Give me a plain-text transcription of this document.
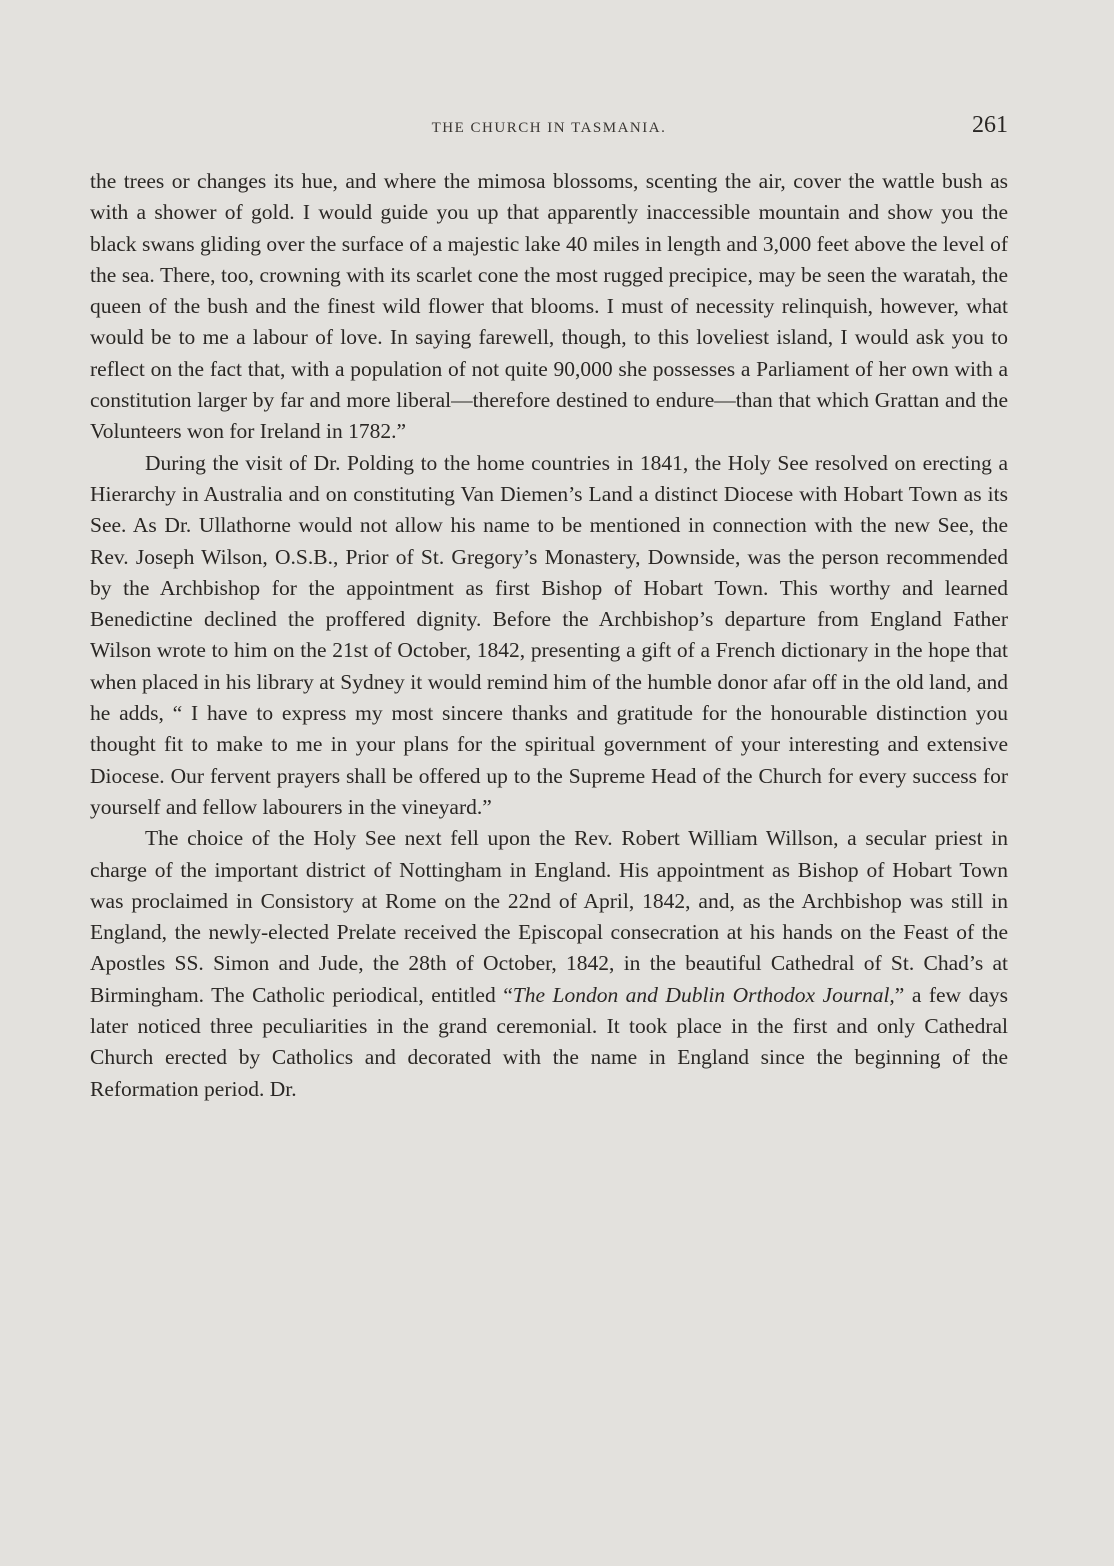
THE CHURCH IN TASMANIA.	261

the trees or changes its hue, and where the mimosa blossoms, scenting the air, cover the wattle bush as with a shower of gold. I would guide you up that apparently inaccessible mountain and show you the black swans gliding over the surface of a majestic lake 40 miles in length and 3,000 feet above the level of the sea. There, too, crowning with its scarlet cone the most rugged precipice, may be seen the waratah, the queen of the bush and the finest wild flower that blooms. I must of necessity relinquish, however, what would be to me a labour of love. In saying farewell, though, to this loveliest island, I would ask you to reflect on the fact that, with a population of not quite 90,000 she possesses a Parliament of her own with a constitution larger by far and more liberal—therefore destined to endure—than that which Grattan and the Volunteers won for Ireland in 1782.”

During the visit of Dr. Polding to the home countries in 1841, the Holy See resolved on erecting a Hierarchy in Australia and on constituting Van Diemen’s Land a distinct Diocese with Hobart Town as its See. As Dr. Ullathorne would not allow his name to be mentioned in connection with the new See, the Rev. Joseph Wilson, O.S.B., Prior of St. Gregory’s Monastery, Downside, was the person recommended by the Archbishop for the appointment as first Bishop of Hobart Town. This worthy and learned Benedictine declined the proffered dignity. Before the Archbishop’s departure from England Father Wilson wrote to him on the 21st of October, 1842, presenting a gift of a French dictionary in the hope that when placed in his library at Sydney it would remind him of the humble donor afar off in the old land, and he adds, “ I have to express my most sincere thanks and gratitude for the honourable distinction you thought fit to make to me in your plans for the spiritual government of your interesting and extensive Diocese. Our fervent prayers shall be offered up to the Supreme Head of the Church for every success for yourself and fellow labourers in the vineyard.”

The choice of the Holy See next fell upon the Rev. Robert William Willson, a secular priest in charge of the important district of Nottingham in England. His appointment as Bishop of Hobart Town was proclaimed in Consistory at Rome on the 22nd of April, 1842, and, as the Archbishop was still in England, the newly-elected Prelate received the Episcopal consecration at his hands on the Feast of the Apostles SS. Simon and Jude, the 28th of October, 1842, in the beautiful Cathedral of St. Chad’s at Birmingham. The Catholic periodical, entitled “The London and Dublin Orthodox Journal,” a few days later noticed three peculiarities in the grand ceremonial. It took place in the first and only Cathedral Church erected by Catholics and decorated with the name in England since the beginning of the Reformation period. Dr.
